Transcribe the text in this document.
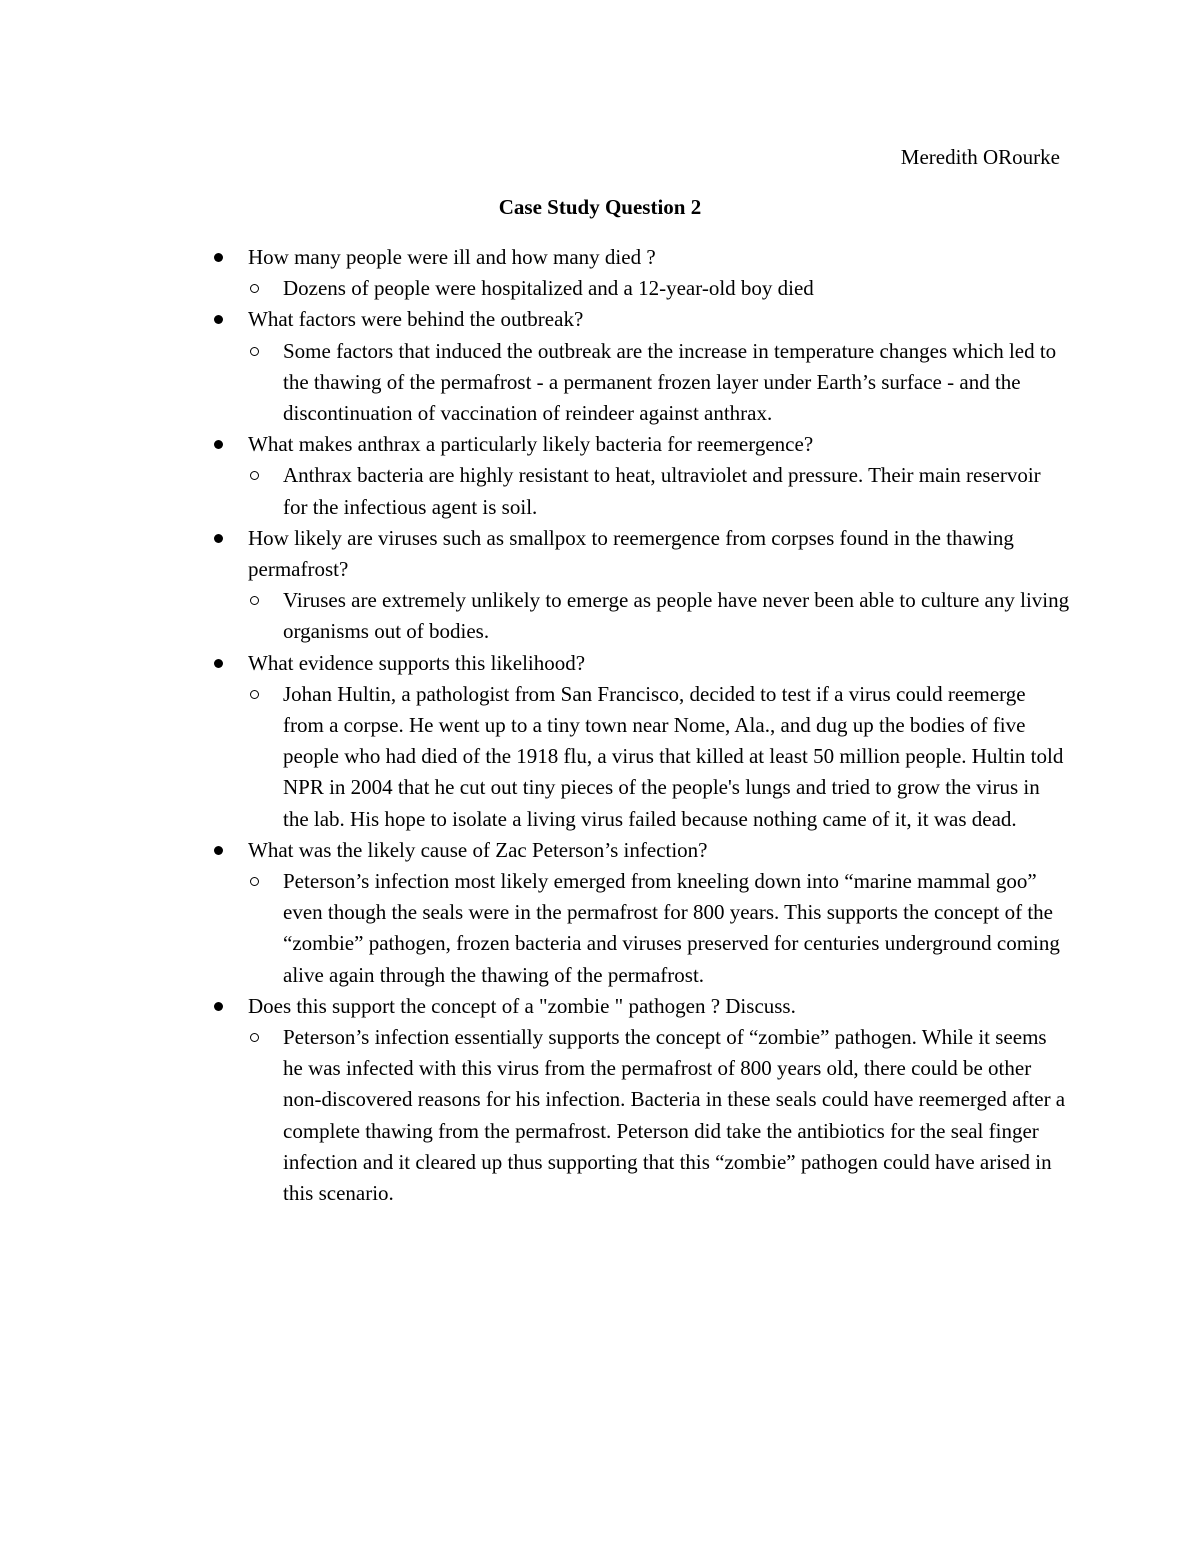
Meredith ORourke
Case Study Question 2
How many people were ill and how many died ?
Dozens of people were hospitalized and a 12-year-old boy died
What factors were behind the outbreak?
Some factors that induced the outbreak are the increase in temperature changes which led to the thawing of the permafrost - a permanent frozen layer under Earth’s surface - and the discontinuation of vaccination of reindeer against anthrax.
What makes anthrax a particularly likely bacteria for reemergence?
Anthrax bacteria are highly resistant to heat, ultraviolet and pressure. Their main reservoir for the infectious agent is soil.
How likely are viruses such as smallpox to reemergence from corpses found in the thawing permafrost?
Viruses are extremely unlikely to emerge as people have never been able to culture any living organisms out of bodies.
What evidence supports this likelihood?
Johan Hultin, a pathologist from San Francisco, decided to test if a virus could reemerge from a corpse. He went up to a tiny town near Nome, Ala., and dug up the bodies of five people who had died of the 1918 flu, a virus that killed at least 50 million people. Hultin told NPR in 2004 that he cut out tiny pieces of the people's lungs and tried to grow the virus in the lab. His hope to isolate a living virus failed because nothing came of it, it was dead.
What was the likely cause of Zac Peterson’s infection?
Peterson’s infection most likely emerged from kneeling down into “marine mammal goo” even though the seals were in the permafrost for 800 years. This supports the concept of the “zombie” pathogen, frozen bacteria and viruses preserved for centuries underground coming alive again through the thawing of the permafrost.
Does this support the concept of a "zombie " pathogen ? Discuss.
Peterson’s infection essentially supports the concept of “zombie” pathogen. While it seems he was infected with this virus from the permafrost of 800 years old, there could be other non-discovered reasons for his infection. Bacteria in these seals could have reemerged after a complete thawing from the permafrost. Peterson did take the antibiotics for the seal finger infection and it cleared up thus supporting that this “zombie” pathogen could have arised in this scenario.
